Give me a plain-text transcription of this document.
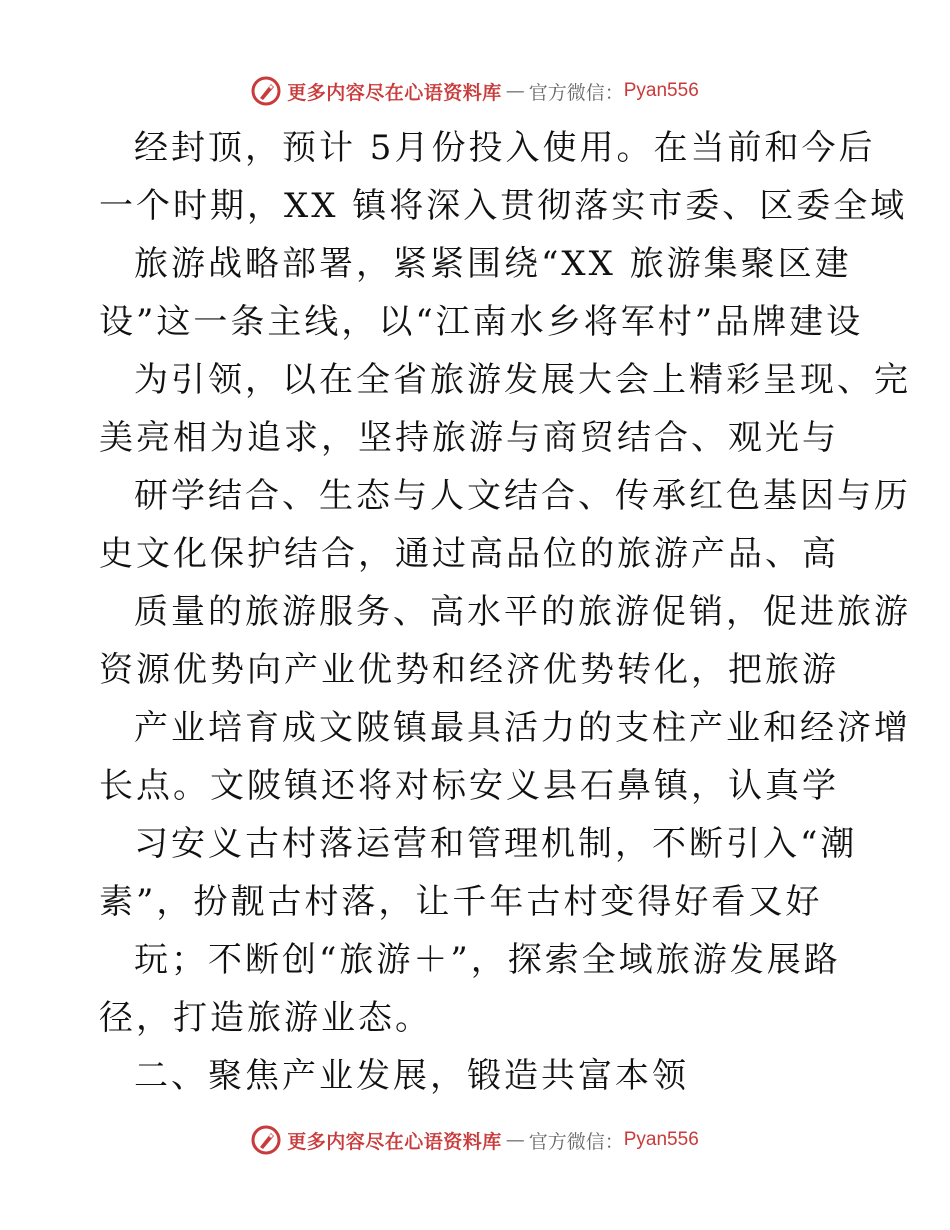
更多内容尽在心语资料库 — 官方微信： Pyan556
经封顶，预计 5月份投入使用。在当前和今后
一个时期，XX 镇将深入贯彻落实市委、区委全域
旅游战略部署，紧紧围绕“XX 旅游集聚区建
设”这一条主线，以“江南水乡将军村”品牌建设
为引领，以在全省旅游发展大会上精彩呈现、完
美亮相为追求，坚持旅游与商贸结合、观光与
研学结合、生态与人文结合、传承红色基因与历
史文化保护结合，通过高品位的旅游产品、高
质量的旅游服务、高水平的旅游促销，促进旅游
资源优势向产业优势和经济优势转化，把旅游
产业培育成文陂镇最具活力的支柱产业和经济增
长点。文陂镇还将对标安义县石鼻镇，认真学
习安义古村落运营和管理机制，不断引入“潮
素”，扮靓古村落，让千年古村变得好看又好
玩；不断创“旅游＋”，探索全域旅游发展路
径，打造旅游业态。
二、聚焦产业发展，锻造共富本领
更多内容尽在心语资料库 — 官方微信： Pyan556
